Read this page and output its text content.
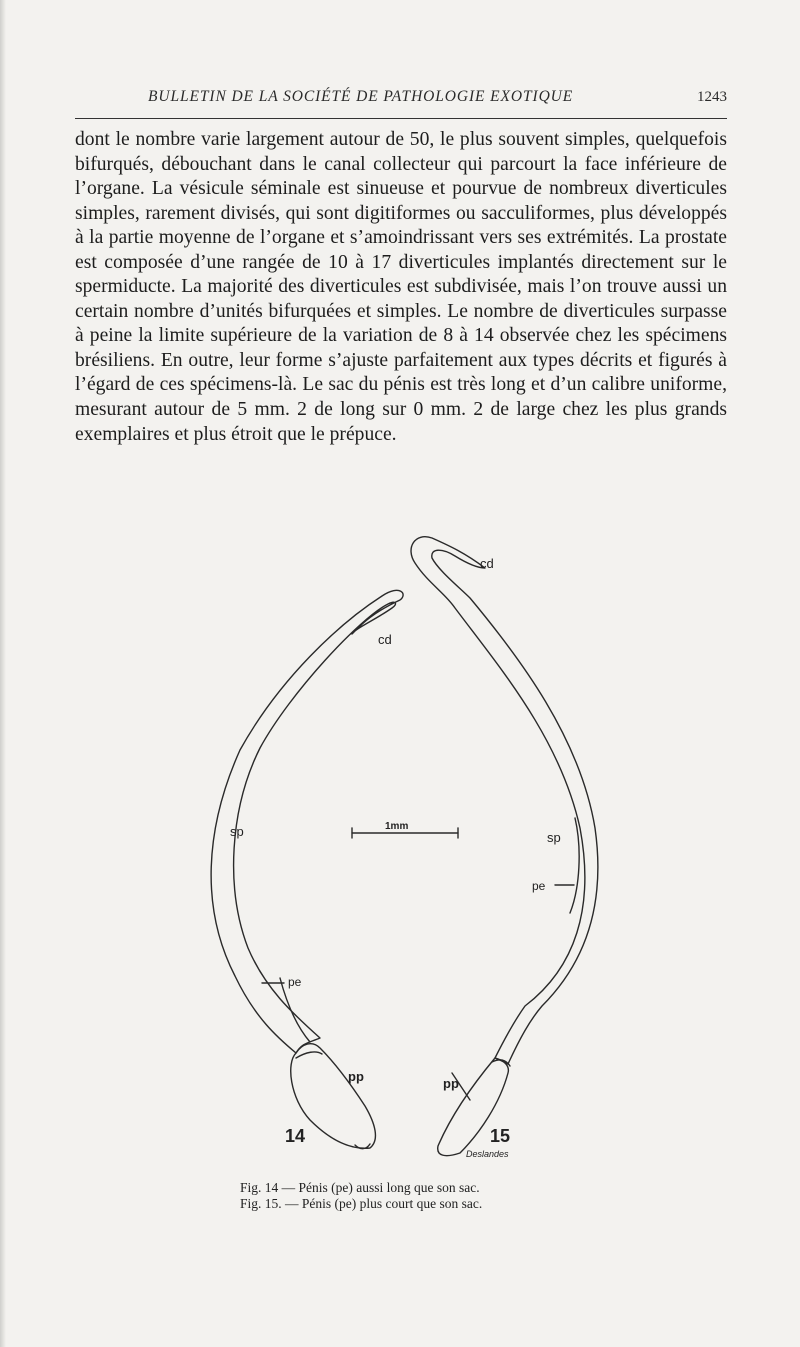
BULLETIN DE LA SOCIÉTÉ DE PATHOLOGIE EXOTIQUE	1243

dont le nombre varie largement autour de 50, le plus souvent simples, quelquefois bifurqués, débouchant dans le canal collecteur qui parcourt la face inférieure de l’organe. La vésicule séminale est sinueuse et pourvue de nombreux diverticules simples, rarement divisés, qui sont digitiformes ou sacculiformes, plus développés à la partie moyenne de l’organe et s’amoindrissant vers ses extrémités. La prostate est composée d’une rangée de 10 à 17 diverticules implantés directement sur le spermiducte. La majorité des diverticules est subdivisée, mais l’on trouve aussi un certain nombre d’unités bifurquées et simples. Le nombre de diverticules surpasse à peine la limite supérieure de la variation de 8 à 14 observée chez les spécimens brésiliens. En outre, leur forme s’ajuste parfaitement aux types décrits et figurés à l’égard de ces spécimens-là. Le sac du pénis est très long et d’un calibre uniforme, mesurant autour de 5 mm. 2 de long sur 0 mm. 2 de large chez les plus grands exemplaires et plus étroit que le prépuce.

cd
cd
sp	sp
pe
pe
pp	pp
14	15
1mm
Deslandes
Fig. 14 — Pénis (pe) aussi long que son sac.
Fig. 15. — Pénis (pe) plus court que son sac.
